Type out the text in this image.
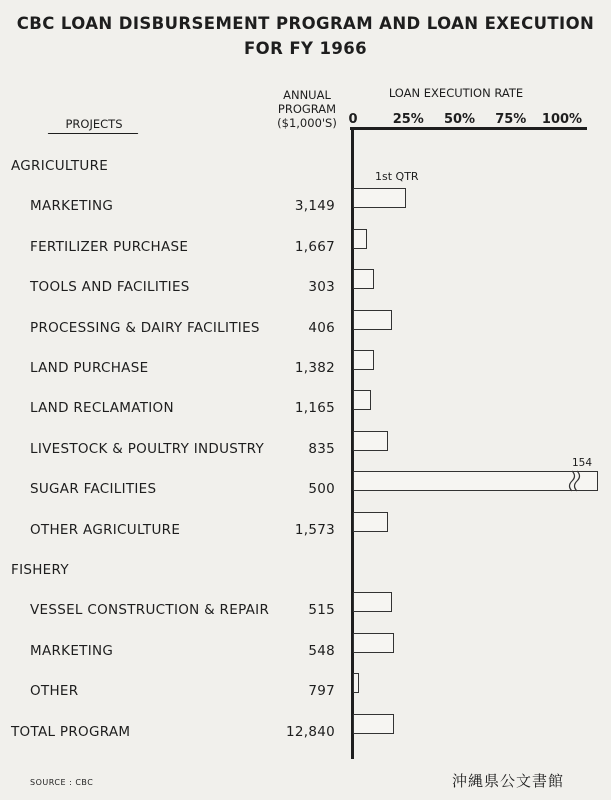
CBC LOAN DISBURSEMENT PROGRAM AND LOAN EXECUTION
FOR FY 1966
PROJECTS
ANNUAL
PROGRAM
($1,000'S)
LOAN EXECUTION RATE
0	25% 50% 75% 100%
AGRICULTURE
MARKETING	3,149
1st QTR
FERTILIZER PURCHASE	1,667
TOOLS AND FACILITIES	303
PROCESSING & DAIRY FACILITIES	406
LAND PURCHASE	1,382
LAND RECLAMATION	1,165
LIVESTOCK & POULTRY INDUSTRY	835
SUGAR FACILITIES	500
154
OTHER AGRICULTURE	1,573
FISHERY
VESSEL CONSTRUCTION & REPAIR	515
MARKETING	548
OTHER	797
TOTAL PROGRAM	12,840
SOURCE : CBC	沖縄県公文書館
